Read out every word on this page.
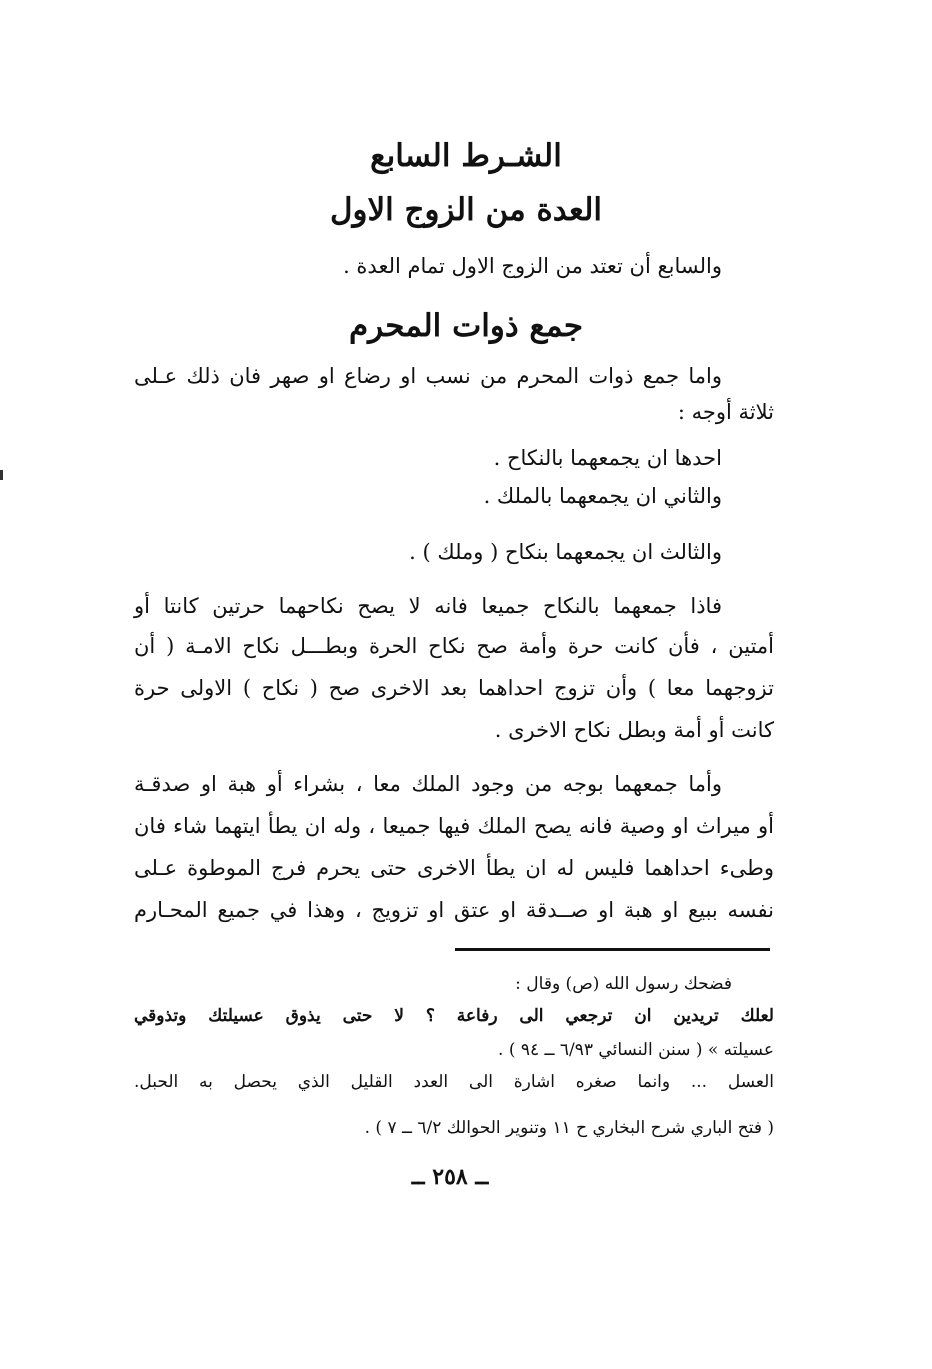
الشـرط السابع
العدة من الزوج الاول
والسابع أن تعتد من الزوج الاول تمام العدة .
جمع ذوات المحرم
واما جمع ذوات المحرم من نسب او رضاع او صهر فان ذلك عـلى
ثلاثة أوجه :
احدها ان يجمعهما بالنكاح .
والثاني ان يجمعهما بالملك .
والثالث ان يجمعهما بنكاح ( وملك ) .
فاذا جمعهما بالنكاح جميعا فانه لا يصح نكاحهما حرتين كانتا أو
أمتين ، فأن كانت حرة وأمة صح نكاح الحرة وبطـــل نكاح الامـة ( أن
تزوجهما معا ) وأن تزوج احداهما بعد الاخرى صح ( نكاح ) الاولى حرة
كانت أو أمة وبطل نكاح الاخرى .
وأما جمعهما بوجه من وجود الملك معا ، بشراء أو هبة او صدقـة
أو ميراث او وصية فانه يصح الملك فيها جميعا ، وله ان يطأ ايتهما شاء فان
وطىء احداهما فليس له ان يطأ الاخرى حتى يحرم فرج الموطوة عـلى
نفسه ببيع او هبة او صــدقة او عتق او تزويج ، وهذا في جميع المحـارم
فضحك رسول الله (ص) وقال :
لعلك تريدين ان ترجعي الى رفاعة ؟ لا حتى يذوق عسيلتك وتذوقي
عسيلته » ( سنن النسائي ٦/٩٣ ــ ٩٤ ) .
العسل ... وانما صغره اشارة الى العدد القليل الذي يحصل به الحبل.
( فتح الباري شرح البخاري ح ١١ وتنوير الحوالك ٦/٢ ــ ٧ ) .
ــ ٢٥٨ ــ
